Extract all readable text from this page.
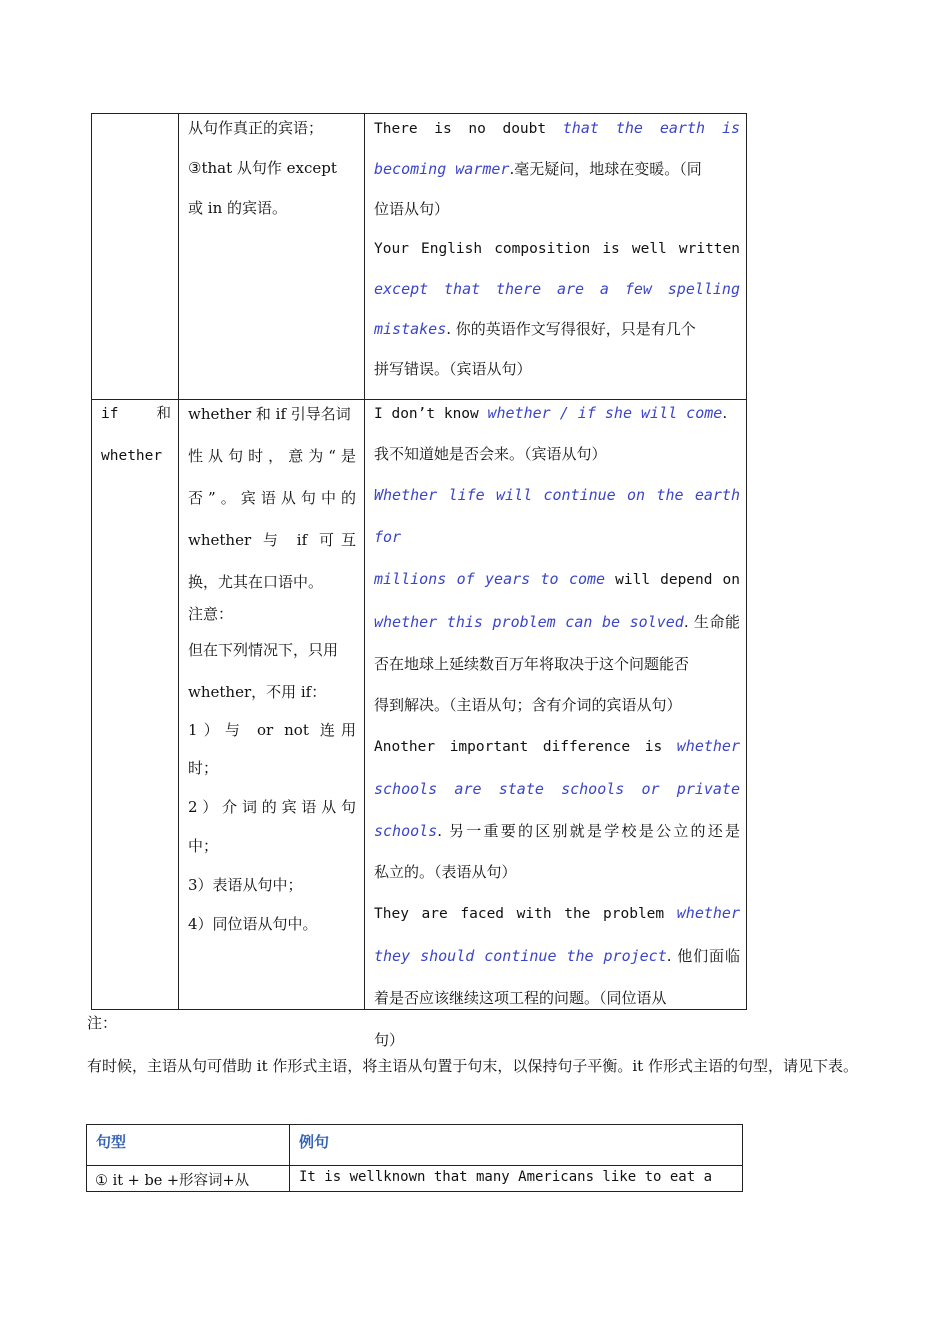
从句作真正的宾语；
③that 从句作 except
或 in 的宾语。
There is no doubt that the earth is
becoming warmer.毫无疑问，地球在变暖。（同
位语从句）
Your English composition is well written
except that there are a few spelling
mistakes. 你的英语作文写得很好，只是有几个
拼写错误。（宾语从句）
if 和
whether
whether 和 if 引导名词
性从句时，意为“是
否”。宾语从句中的
whether 与 if 可互
换，尤其在口语中。
注意：
但在下列情况下，只用
whether，不用 if：
1）与 or not 连用
时；
2）介词的宾语从句
中；
3）表语从句中；
4）同位语从句中。
I don’t know whether / if she will come.
我不知道她是否会来。（宾语从句）
Whether life will continue on the earth for
millions of years to come will depend on
whether this problem can be solved. 生命能
否在地球上延续数百万年将取决于这个问题能否
得到解决。（主语从句；含有介词的宾语从句）
Another important difference is whether
schools are state schools or private
schools. 另一重要的区别就是学校是公立的还是
私立的。（表语从句）
They are faced with the problem whether
they should continue the project. 他们面临
着是否应该继续这项工程的问题。（同位语从
句）
注：
有时候，主语从句可借助 it 作形式主语，将主语从句置于句末，以保持句子平衡。it 作形式主语的句型，请见下表。
句型	例句
① it + be +形容词+从	It is wellknown that many Americans like to eat a
